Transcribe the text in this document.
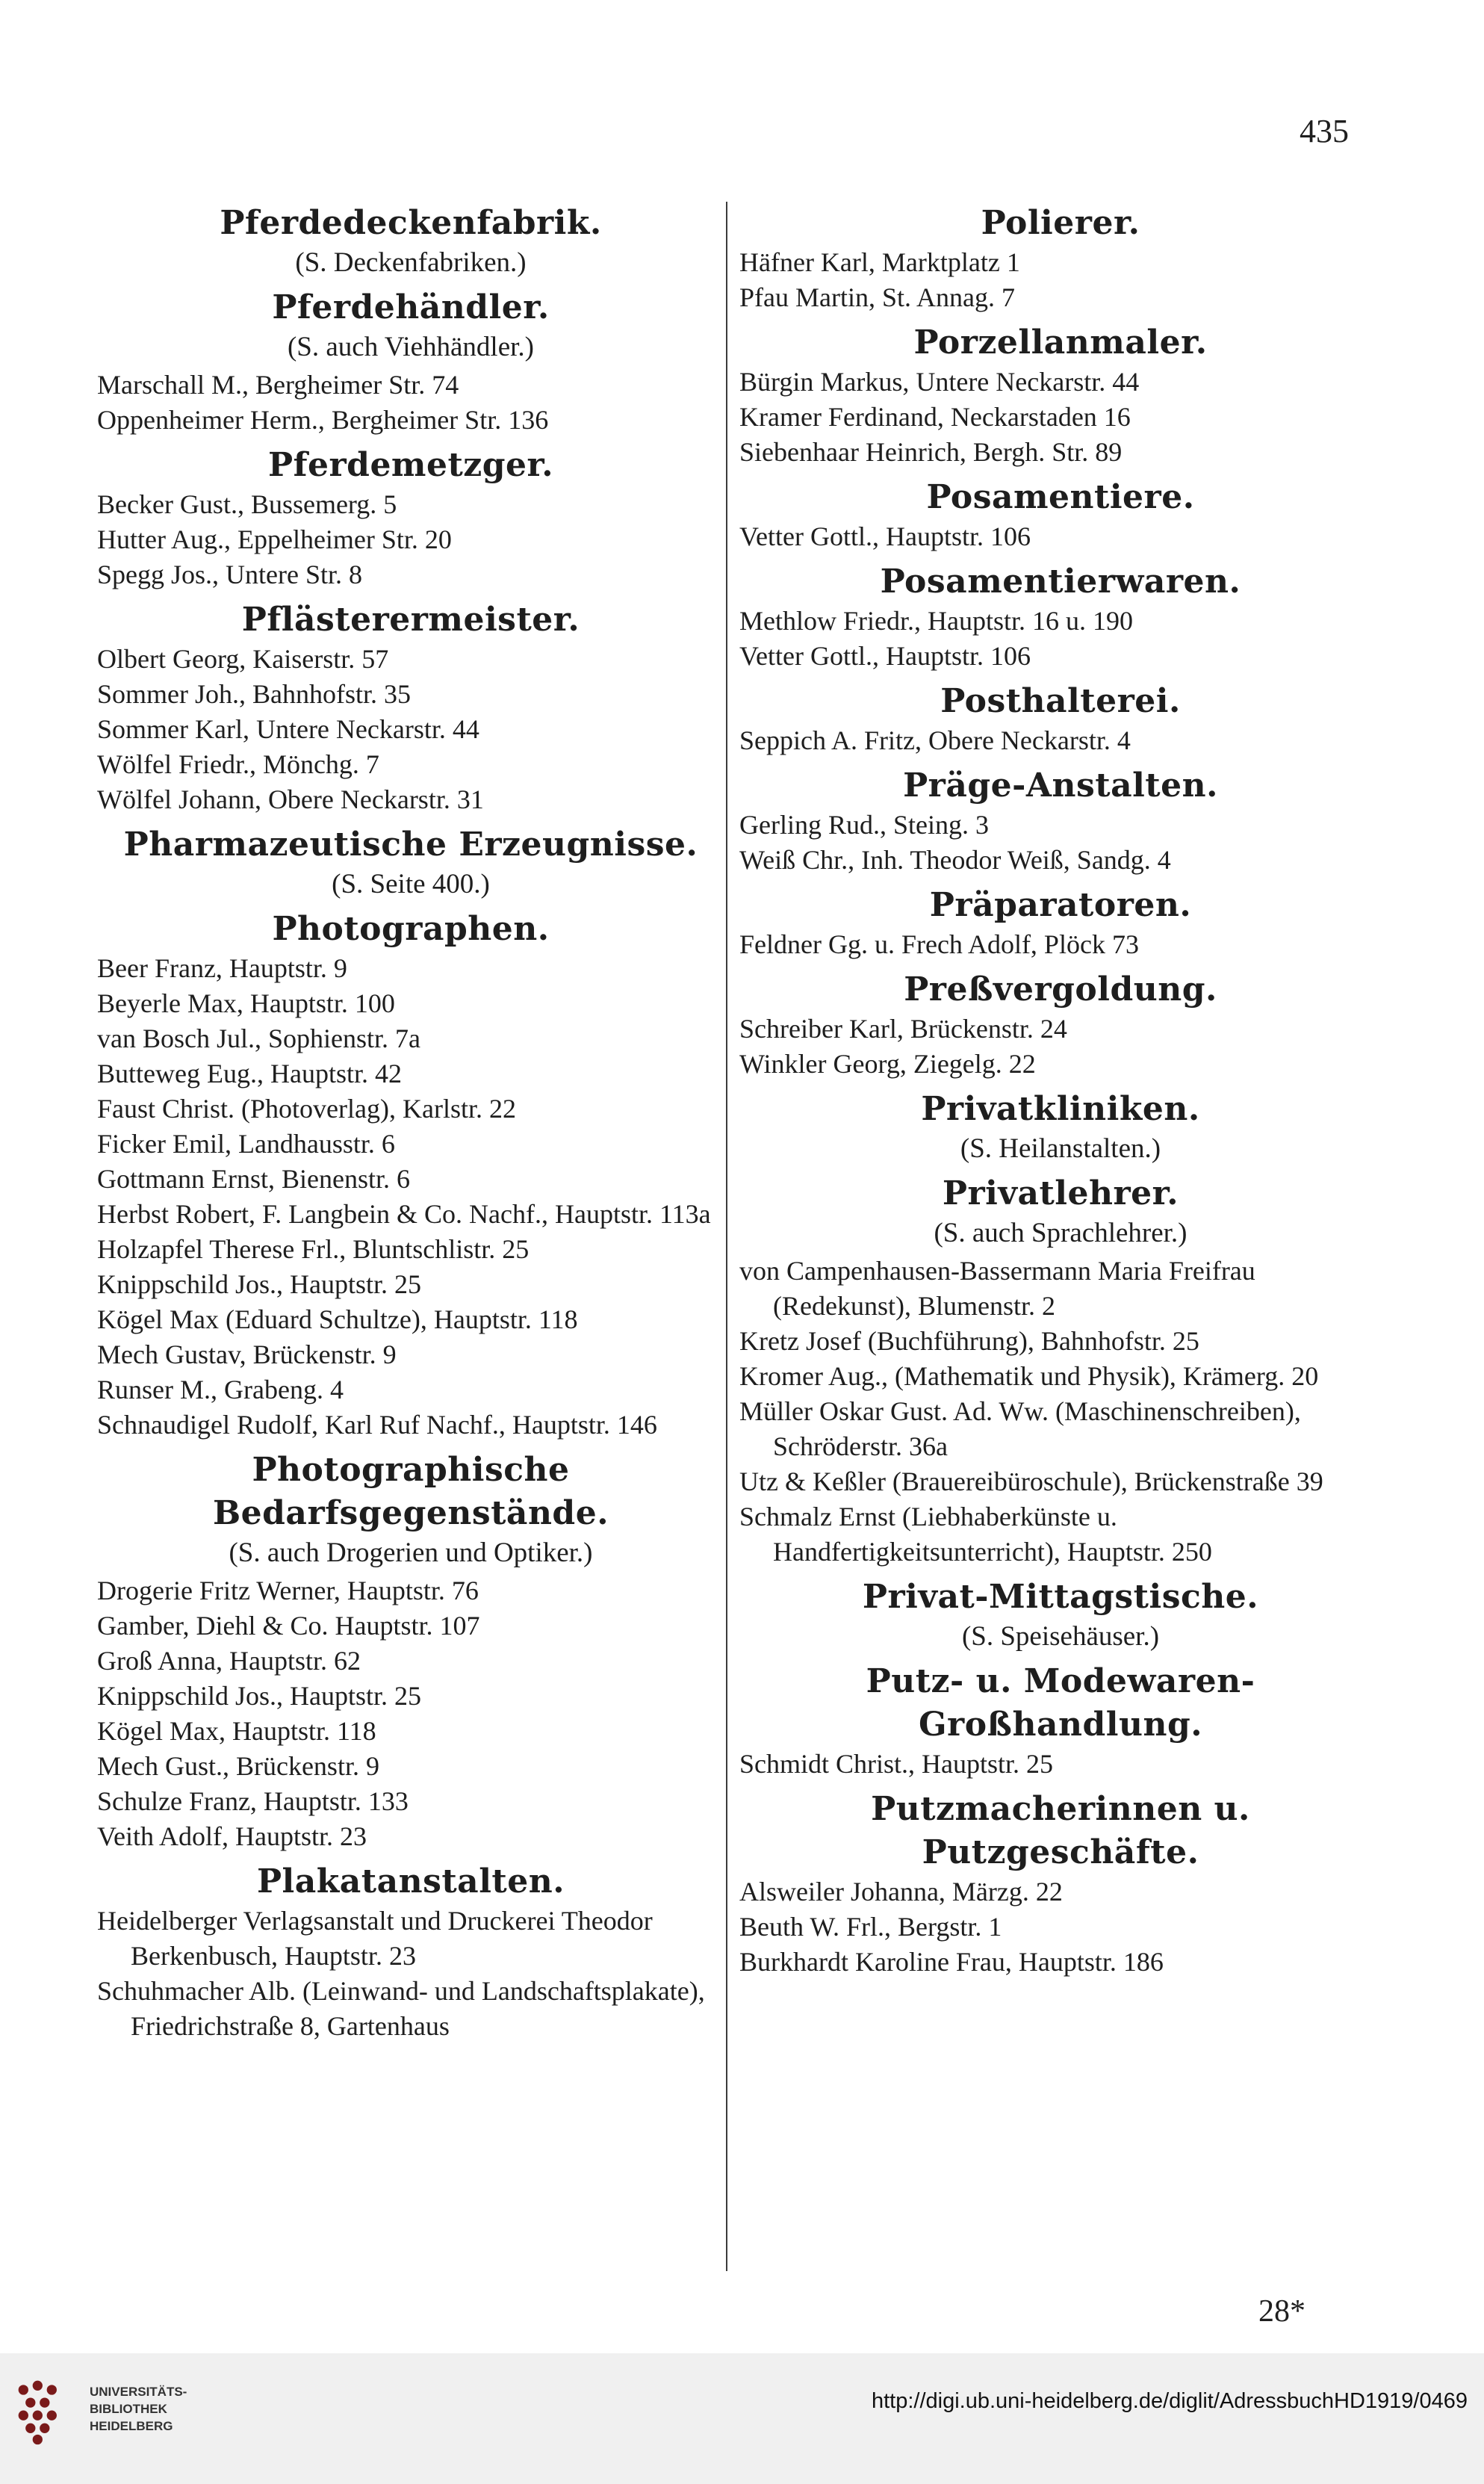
435
Pferdedeckenfabrik.
(S. Deckenfabriken.)
Pferdehändler.
(S. auch Viehhändler.)
Marschall M., Bergheimer Str. 74
Oppenheimer Herm., Bergheimer Str. 136
Pferdemetzger.
Becker Gust., Bussemerg. 5
Hutter Aug., Eppelheimer Str. 20
Spegg Jos., Untere Str. 8
Pflästerermeister.
Olbert Georg, Kaiserstr. 57
Sommer Joh., Bahnhofstr. 35
Sommer Karl, Untere Neckarstr. 44
Wölfel Friedr., Mönchg. 7
Wölfel Johann, Obere Neckarstr. 31
Pharmazeutische Erzeugnisse.
(S. Seite 400.)
Photographen.
Beer Franz, Hauptstr. 9
Beyerle Max, Hauptstr. 100
van Bosch Jul., Sophienstr. 7a
Butteweg Eug., Hauptstr. 42
Faust Christ. (Photoverlag), Karlstr. 22
Ficker Emil, Landhausstr. 6
Gottmann Ernst, Bienenstr. 6
Herbst Robert, F. Langbein & Co. Nachf., Hauptstr. 113a
Holzapfel Therese Frl., Bluntschlistr. 25
Knippschild Jos., Hauptstr. 25
Kögel Max (Eduard Schultze), Hauptstr. 118
Mech Gustav, Brückenstr. 9
Runser M., Grabeng. 4
Schnaudigel Rudolf, Karl Ruf Nachf., Hauptstr. 146
Photographische Bedarfsgegenstände.
(S. auch Drogerien und Optiker.)
Drogerie Fritz Werner, Hauptstr. 76
Gamber, Diehl & Co. Hauptstr. 107
Groß Anna, Hauptstr. 62
Knippschild Jos., Hauptstr. 25
Kögel Max, Hauptstr. 118
Mech Gust., Brückenstr. 9
Schulze Franz, Hauptstr. 133
Veith Adolf, Hauptstr. 23
Plakatanstalten.
Heidelberger Verlagsanstalt und Druckerei Theodor Berkenbusch, Hauptstr. 23
Schuhmacher Alb. (Leinwand- und Landschaftsplakate), Friedrichstraße 8, Gartenhaus
Polierer.
Häfner Karl, Marktplatz 1
Pfau Martin, St. Annag. 7
Porzellanmaler.
Bürgin Markus, Untere Neckarstr. 44
Kramer Ferdinand, Neckarstaden 16
Siebenhaar Heinrich, Bergh. Str. 89
Posamentiere.
Vetter Gottl., Hauptstr. 106
Posamentierwaren.
Methlow Friedr., Hauptstr. 16 u. 190
Vetter Gottl., Hauptstr. 106
Posthalterei.
Seppich A. Fritz, Obere Neckarstr. 4
Präge-Anstalten.
Gerling Rud., Steing. 3
Weiß Chr., Inh. Theodor Weiß, Sandg. 4
Präparatoren.
Feldner Gg. u. Frech Adolf, Plöck 73
Preßvergoldung.
Schreiber Karl, Brückenstr. 24
Winkler Georg, Ziegelg. 22
Privatkliniken.
(S. Heilanstalten.)
Privatlehrer.
(S. auch Sprachlehrer.)
von Campenhausen-Bassermann Maria Freifrau (Redekunst), Blumenstr. 2
Kretz Josef (Buchführung), Bahnhofstr. 25
Kromer Aug., (Mathematik und Physik), Krämerg. 20
Müller Oskar Gust. Ad. Ww. (Maschinenschreiben), Schröderstr. 36a
Utz & Keßler (Brauereibüroschule), Brückenstraße 39
Schmalz Ernst (Liebhaberkünste u. Handfertigkeitsunterricht), Hauptstr. 250
Privat-Mittagstische.
(S. Speisehäuser.)
Putz- u. Modewaren-Großhandlung.
Schmidt Christ., Hauptstr. 25
Putzmacherinnen u. Putzgeschäfte.
Alsweiler Johanna, Märzg. 22
Beuth W. Frl., Bergstr. 1
Burkhardt Karoline Frau, Hauptstr. 186
28*
UNIVERSITÄTS-
BIBLIOTHEK
HEIDELBERG
http://digi.ub.uni-heidelberg.de/diglit/AdressbuchHD1919/0469
